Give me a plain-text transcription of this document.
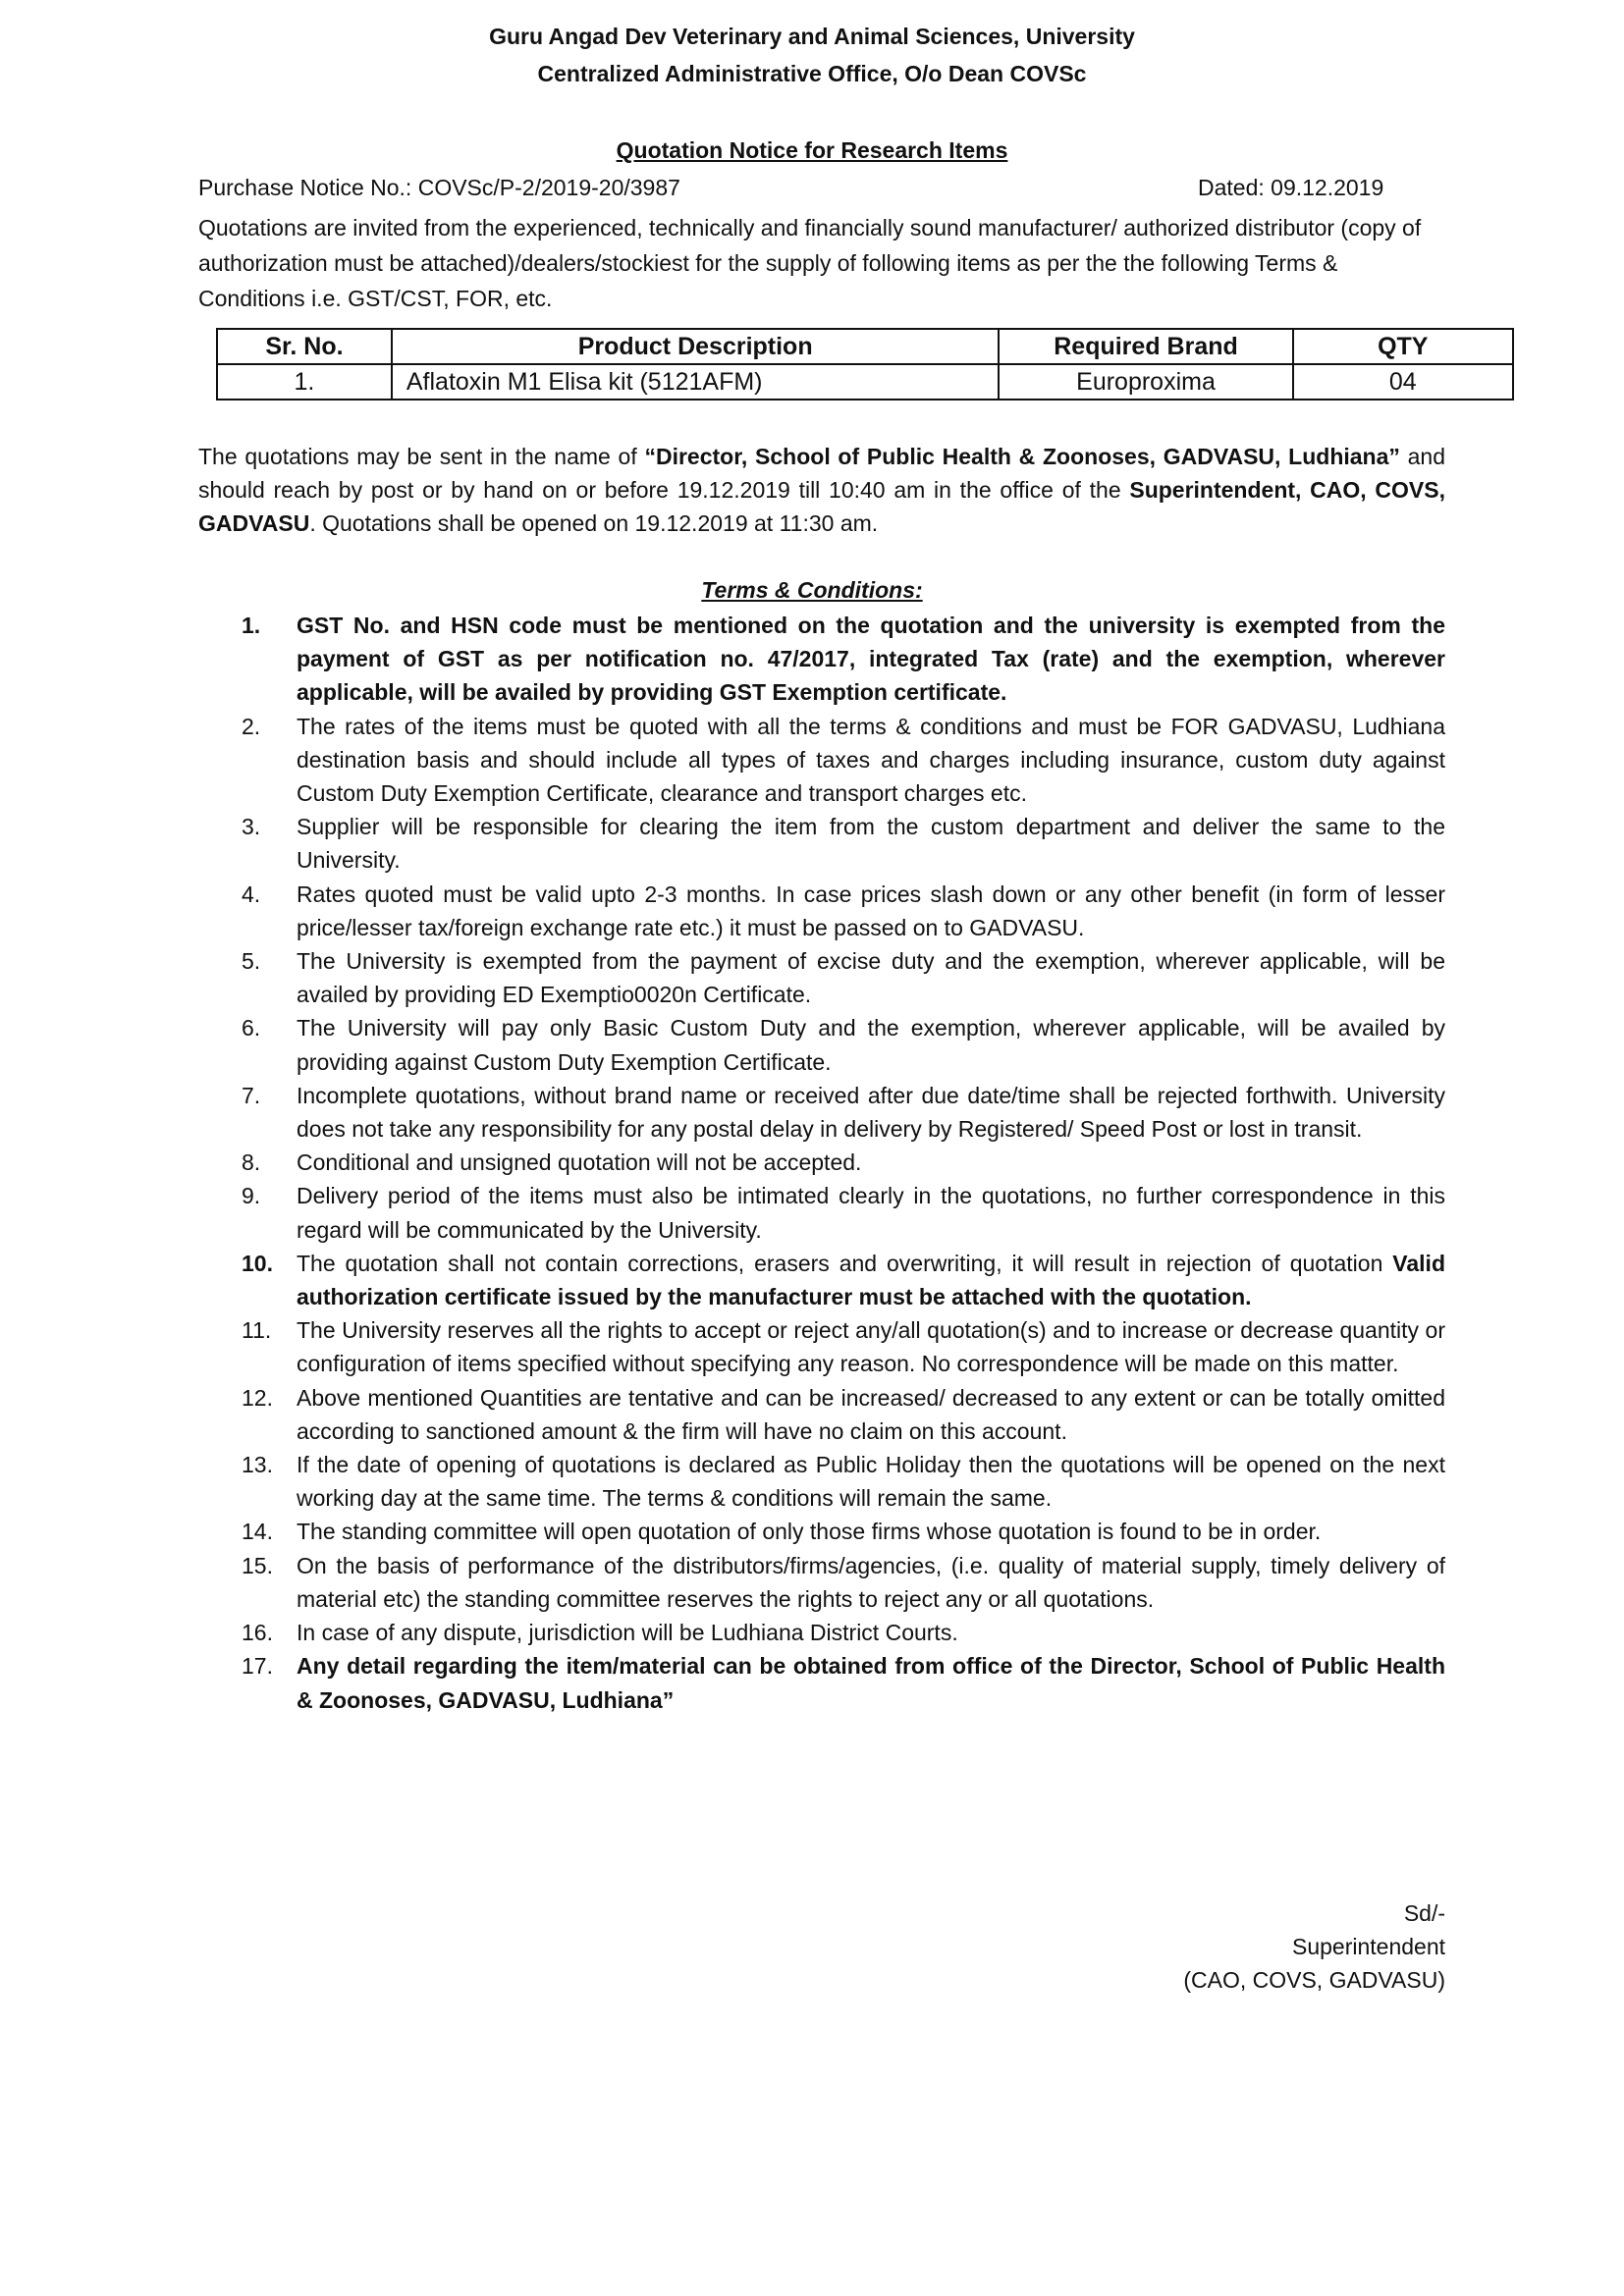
Guru Angad Dev Veterinary and Animal Sciences, University
Centralized Administrative Office, O/o Dean COVSc
Quotation Notice for Research Items
Purchase Notice No.: COVSc/P-2/2019-20/3987	Dated: 09.12.2019
Quotations are invited from the experienced, technically and financially sound manufacturer/ authorized distributor (copy of authorization must be attached)/dealers/stockiest for the supply of following items as per the the following Terms & Conditions i.e. GST/CST, FOR, etc.
Sr. No.	Product Description	Required Brand	QTY
1.	Aflatoxin M1 Elisa kit (5121AFM)	Europroxima	04
The quotations may be sent in the name of “Director, School of Public Health & Zoonoses, GADVASU, Ludhiana” and should reach by post or by hand on or before 19.12.2019 till 10:40 am in the office of the Superintendent, CAO, COVS, GADVASU. Quotations shall be opened on 19.12.2019 at 11:30 am.
Terms & Conditions:
1. GST No. and HSN code must be mentioned on the quotation and the university is exempted from the payment of GST as per notification no. 47/2017, integrated Tax (rate) and the exemption, wherever applicable, will be availed by providing GST Exemption certificate.
2. The rates of the items must be quoted with all the terms & conditions and must be FOR GADVASU, Ludhiana destination basis and should include all types of taxes and charges including insurance, custom duty against Custom Duty Exemption Certificate, clearance and transport charges etc.
3. Supplier will be responsible for clearing the item from the custom department and deliver the same to the University.
4. Rates quoted must be valid upto 2-3 months. In case prices slash down or any other benefit (in form of lesser price/lesser tax/foreign exchange rate etc.) it must be passed on to GADVASU.
5. The University is exempted from the payment of excise duty and the exemption, wherever applicable, will be availed by providing ED Exemptio0020n Certificate.
6. The University will pay only Basic Custom Duty and the exemption, wherever applicable, will be availed by providing against Custom Duty Exemption Certificate.
7. Incomplete quotations, without brand name or received after due date/time shall be rejected forthwith. University does not take any responsibility for any postal delay in delivery by Registered/ Speed Post or lost in transit.
8. Conditional and unsigned quotation will not be accepted.
9. Delivery period of the items must also be intimated clearly in the quotations, no further correspondence in this regard will be communicated by the University.
10. The quotation shall not contain corrections, erasers and overwriting, it will result in rejection of quotation Valid authorization certificate issued by the manufacturer must be attached with the quotation.
11. The University reserves all the rights to accept or reject any/all quotation(s) and to increase or decrease quantity or configuration of items specified without specifying any reason. No correspondence will be made on this matter.
12. Above mentioned Quantities are tentative and can be increased/ decreased to any extent or can be totally omitted according to sanctioned amount & the firm will have no claim on this account.
13. If the date of opening of quotations is declared as Public Holiday then the quotations will be opened on the next working day at the same time. The terms & conditions will remain the same.
14. The standing committee will open quotation of only those firms whose quotation is found to be in order.
15. On the basis of performance of the distributors/firms/agencies, (i.e. quality of material supply, timely delivery of material etc) the standing committee reserves the rights to reject any or all quotations.
16. In case of any dispute, jurisdiction will be Ludhiana District Courts.
17. Any detail regarding the item/material can be obtained from office of the Director, School of Public Health & Zoonoses, GADVASU, Ludhiana”
Sd/-
Superintendent
(CAO, COVS, GADVASU)
